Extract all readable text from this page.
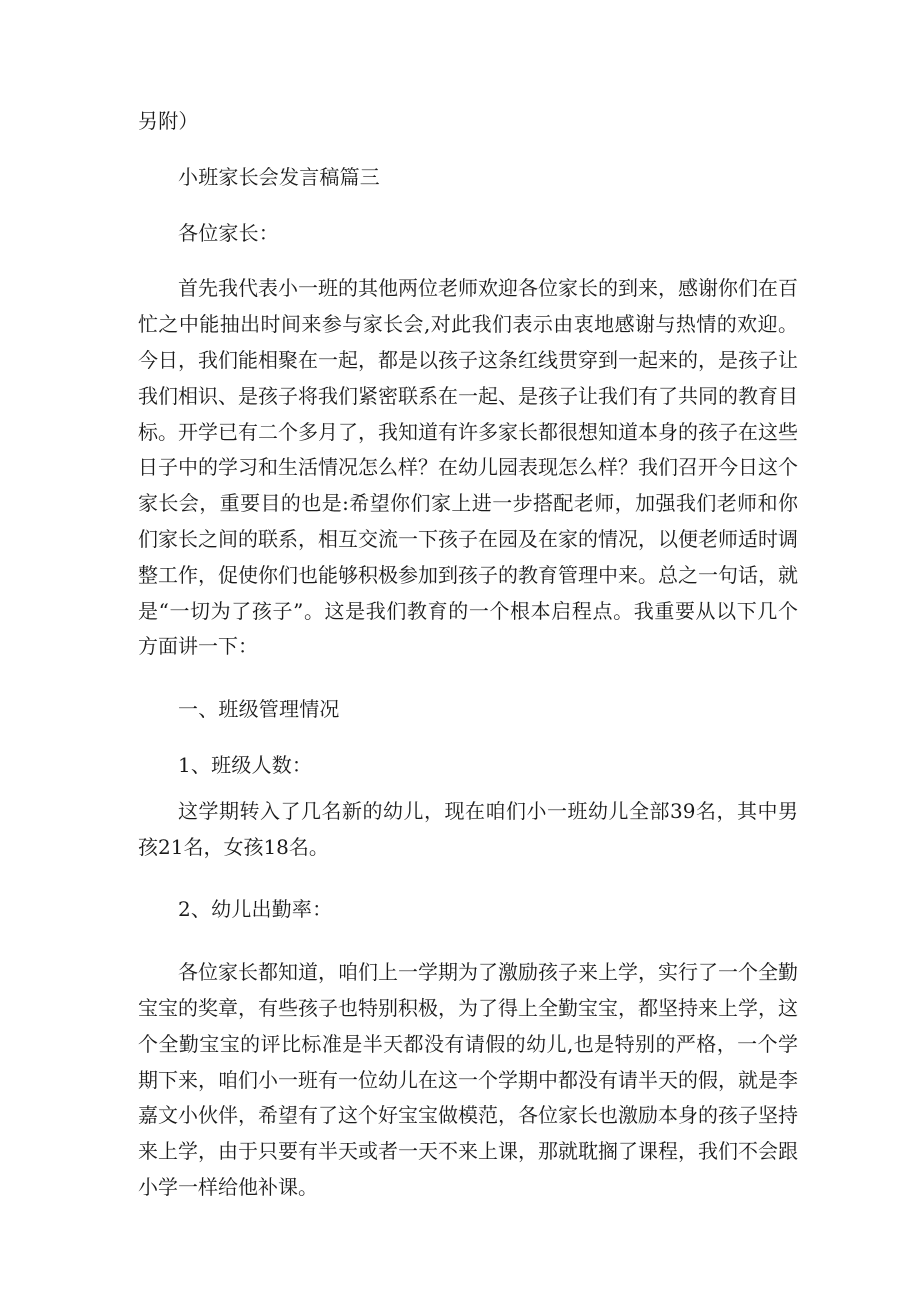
另附）

小班家长会发言稿篇三

各位家长：

首先我代表小一班的其他两位老师欢迎各位家长的到来，感谢你们在百忙之中能抽出时间来参与家长会,对此我们表示由衷地感谢与热情的欢迎。今日，我们能相聚在一起，都是以孩子这条红线贯穿到一起来的，是孩子让我们相识、是孩子将我们紧密联系在一起、是孩子让我们有了共同的教育目标。开学已有二个多月了，我知道有许多家长都很想知道本身的孩子在这些日子中的学习和生活情况怎么样？在幼儿园表现怎么样？我们召开今日这个家长会，重要目的也是:希望你们家上进一步搭配老师，加强我们老师和你们家长之间的联系，相互交流一下孩子在园及在家的情况，以便老师适时调整工作，促使你们也能够积极参加到孩子的教育管理中来。总之一句话，就是“一切为了孩子”。这是我们教育的一个根本启程点。我重要从以下几个方面讲一下：

一、班级管理情况

1、班级人数：

这学期转入了几名新的幼儿，现在咱们小一班幼儿全部39名，其中男孩21名，女孩18名。

2、幼儿出勤率：

各位家长都知道，咱们上一学期为了激励孩子来上学，实行了一个全勤宝宝的奖章，有些孩子也特别积极，为了得上全勤宝宝，都坚持来上学，这个全勤宝宝的评比标准是半天都没有请假的幼儿,也是特别的严格，一个学期下来，咱们小一班有一位幼儿在这一个学期中都没有请半天的假，就是李嘉文小伙伴，希望有了这个好宝宝做模范，各位家长也激励本身的孩子坚持来上学，由于只要有半天或者一天不来上课，那就耽搁了课程，我们不会跟小学一样给他补课。
